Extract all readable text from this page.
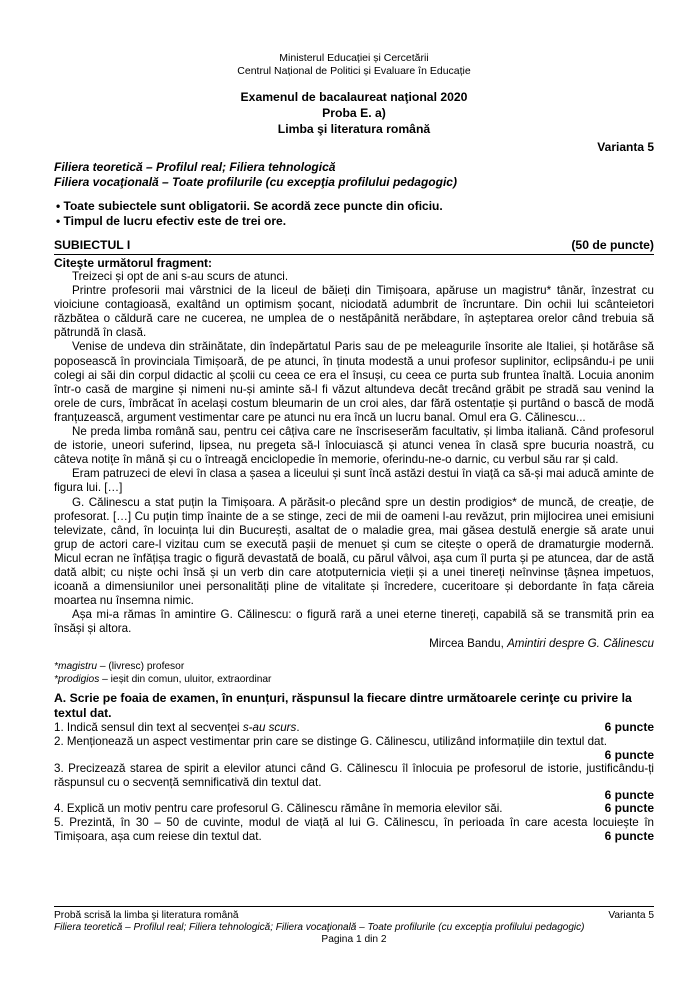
Ministerul Educației și Cercetării
Centrul Național de Politici și Evaluare în Educație
Examenul de bacalaureat naţional 2020
Proba E. a)
Limba şi literatura română
Varianta 5
Filiera teoretică – Profilul real; Filiera tehnologică
Filiera vocaţională – Toate profilurile (cu excepţia profilului pedagogic)
• Toate subiectele sunt obligatorii. Se acordă zece puncte din oficiu.
• Timpul de lucru efectiv este de trei ore.
SUBIECTUL I	(50 de puncte)
Citeşte următorul fragment:

Treizeci și opt de ani s-au scurs de atunci.

Printre profesorii mai vârstnici de la liceul de băieți din Timișoara, apăruse un magistru* tânăr, înzestrat cu vioiciune contagioasă, exaltând un optimism șocant, niciodată adumbrit de încruntare. Din ochii lui scânteietori răzbătea o căldură care ne cucerea, ne umplea de o nestăpânită nerăbdare, în așteptarea orelor când trebuia să pătrundă în clasă.

Venise de undeva din străinătate, din îndepărtatul Paris sau de pe meleagurile însorite ale Italiei, și hotărâse să poposească în provinciala Timișoară, de pe atunci, în ținuta modestă a unui profesor suplinitor, eclipsându-i pe unii colegi ai săi din corpul didactic al școlii cu ceea ce era el însuși, cu ceea ce purta sub fruntea înaltă. Locuia anonim într-o casă de margine și nimeni nu-și aminte să-l fi văzut altundeva decât trecând grăbit pe stradă sau venind la orele de curs, îmbrăcat în același costum bleumarin de un croi ales, dar fără ostentație și purtând o bască de modă franțuzească, argument vestimentar care pe atunci nu era încă un lucru banal. Omul era G. Călinescu...

Ne preda limba română sau, pentru cei câțiva care ne înscriseserăm facultativ, și limba italiană. Când profesorul de istorie, uneori suferind, lipsea, nu pregeta să-l înlocuiască și atunci venea în clasă spre bucuria noastră, cu câteva notițe în mână și cu o întreagă enciclopedie în memorie, oferindu-ne-o darnic, cu verbul său rar și cald.

Eram patruzeci de elevi în clasa a șasea a liceului și sunt încă astăzi destui în viață ca să-și mai aducă aminte de figura lui. […]

G. Călinescu a stat puțin la Timișoara. A părăsit-o plecând spre un destin prodigios* de muncă, de creație, de profesorat. […] Cu puțin timp înainte de a se stinge, zeci de mii de oameni l-au revăzut, prin mijlocirea unei emisiuni televizate, când, în locuința lui din București, asaltat de o maladie grea, mai găsea destulă energie să arate unui grup de actori care-l vizitau cum se execută pașii de menuet și cum se citește o operă de dramaturgie modernă. Micul ecran ne înfățișa tragic o figură devastată de boală, cu părul vâlvoi, așa cum îl purta și pe atuncea, dar de astă dată albit; cu niște ochi însă și un verb din care atotputernicia vieții și a unei tinereți neînvinse țâșnea impetuos, icoană a dimensiunilor unei personalități pline de vitalitate și încredere, cuceritoare și debordante în fața căreia moartea nu însemna nimic.

Așa mi-a rămas în amintire G. Călinescu: o figură rară a unei eterne tinereți, capabilă să se transmită prin ea însăși și altora.

Mircea Bandu, Amintiri despre G. Călinescu
*magistru – (livresc) profesor
*prodigios – ieșit din comun, uluitor, extraordinar
A. Scrie pe foaia de examen, în enunțuri, răspunsul la fiecare dintre următoarele cerinţe cu privire la textul dat.
1. Indică sensul din text al secvenței s-au scurs.	6 puncte
2. Menționează un aspect vestimentar prin care se distinge G. Călinescu, utilizând informațiile din textul dat.
6 puncte
3. Precizează starea de spirit a elevilor atunci când G. Călinescu îl înlocuia pe profesorul de istorie, justificându-ți răspunsul cu o secvență semnificativă din textul dat.
6 puncte
4. Explică un motiv pentru care profesorul G. Călinescu rămâne în memoria elevilor săi.	6 puncte
5. Prezintă, în 30 – 50 de cuvinte, modul de viață al lui G. Călinescu, în perioada în care acesta locuiește în Timișoara, așa cum reiese din textul dat.	6 puncte
Probă scrisă la limba şi literatura română	Varianta 5
Filiera teoretică – Profilul real; Filiera tehnologică; Filiera vocaţională – Toate profilurile (cu excepţia profilului pedagogic)
Pagina 1 din 2
